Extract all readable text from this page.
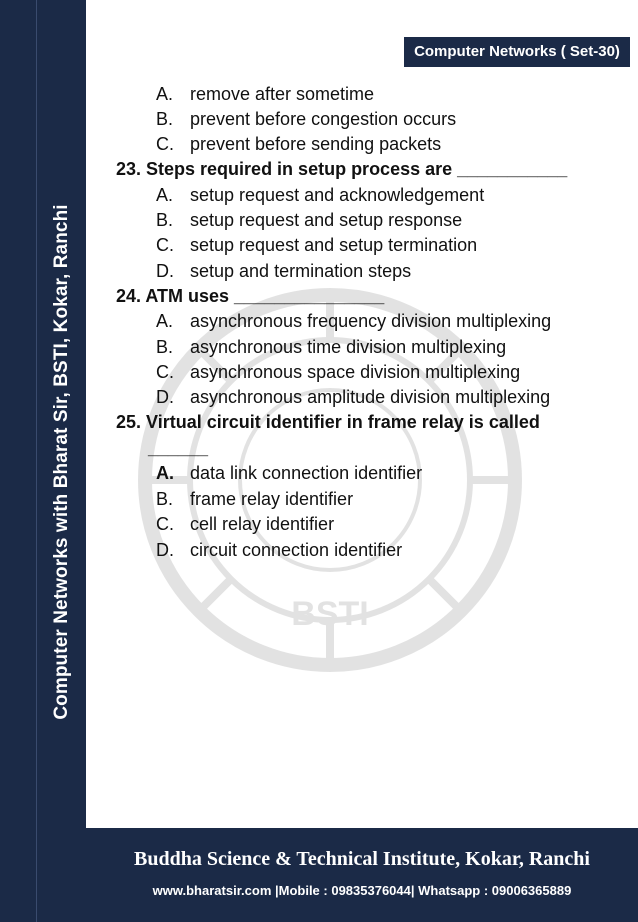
Computer Networks with Bharat Sir, BSTI, Kokar, Ranchi
Computer Networks ( Set-30)
BSTI
A. remove after sometime
B. prevent before congestion occurs
C. prevent before sending packets
23. Steps required in setup process are ___________
A. setup request and acknowledgement
B. setup request and setup response
C. setup request and setup termination
D. setup and termination steps
24. ATM uses _______________
A. asynchronous frequency division multiplexing
B. asynchronous time division multiplexing
C. asynchronous space division multiplexing
D. asynchronous amplitude division multiplexing
25. Virtual circuit identifier in frame relay is called
______
A. data link connection identifier
B. frame relay identifier
C. cell relay identifier
D. circuit connection identifier
Buddha Science & Technical Institute, Kokar, Ranchi
www.bharatsir.com |Mobile : 09835376044| Whatsapp : 09006365889
